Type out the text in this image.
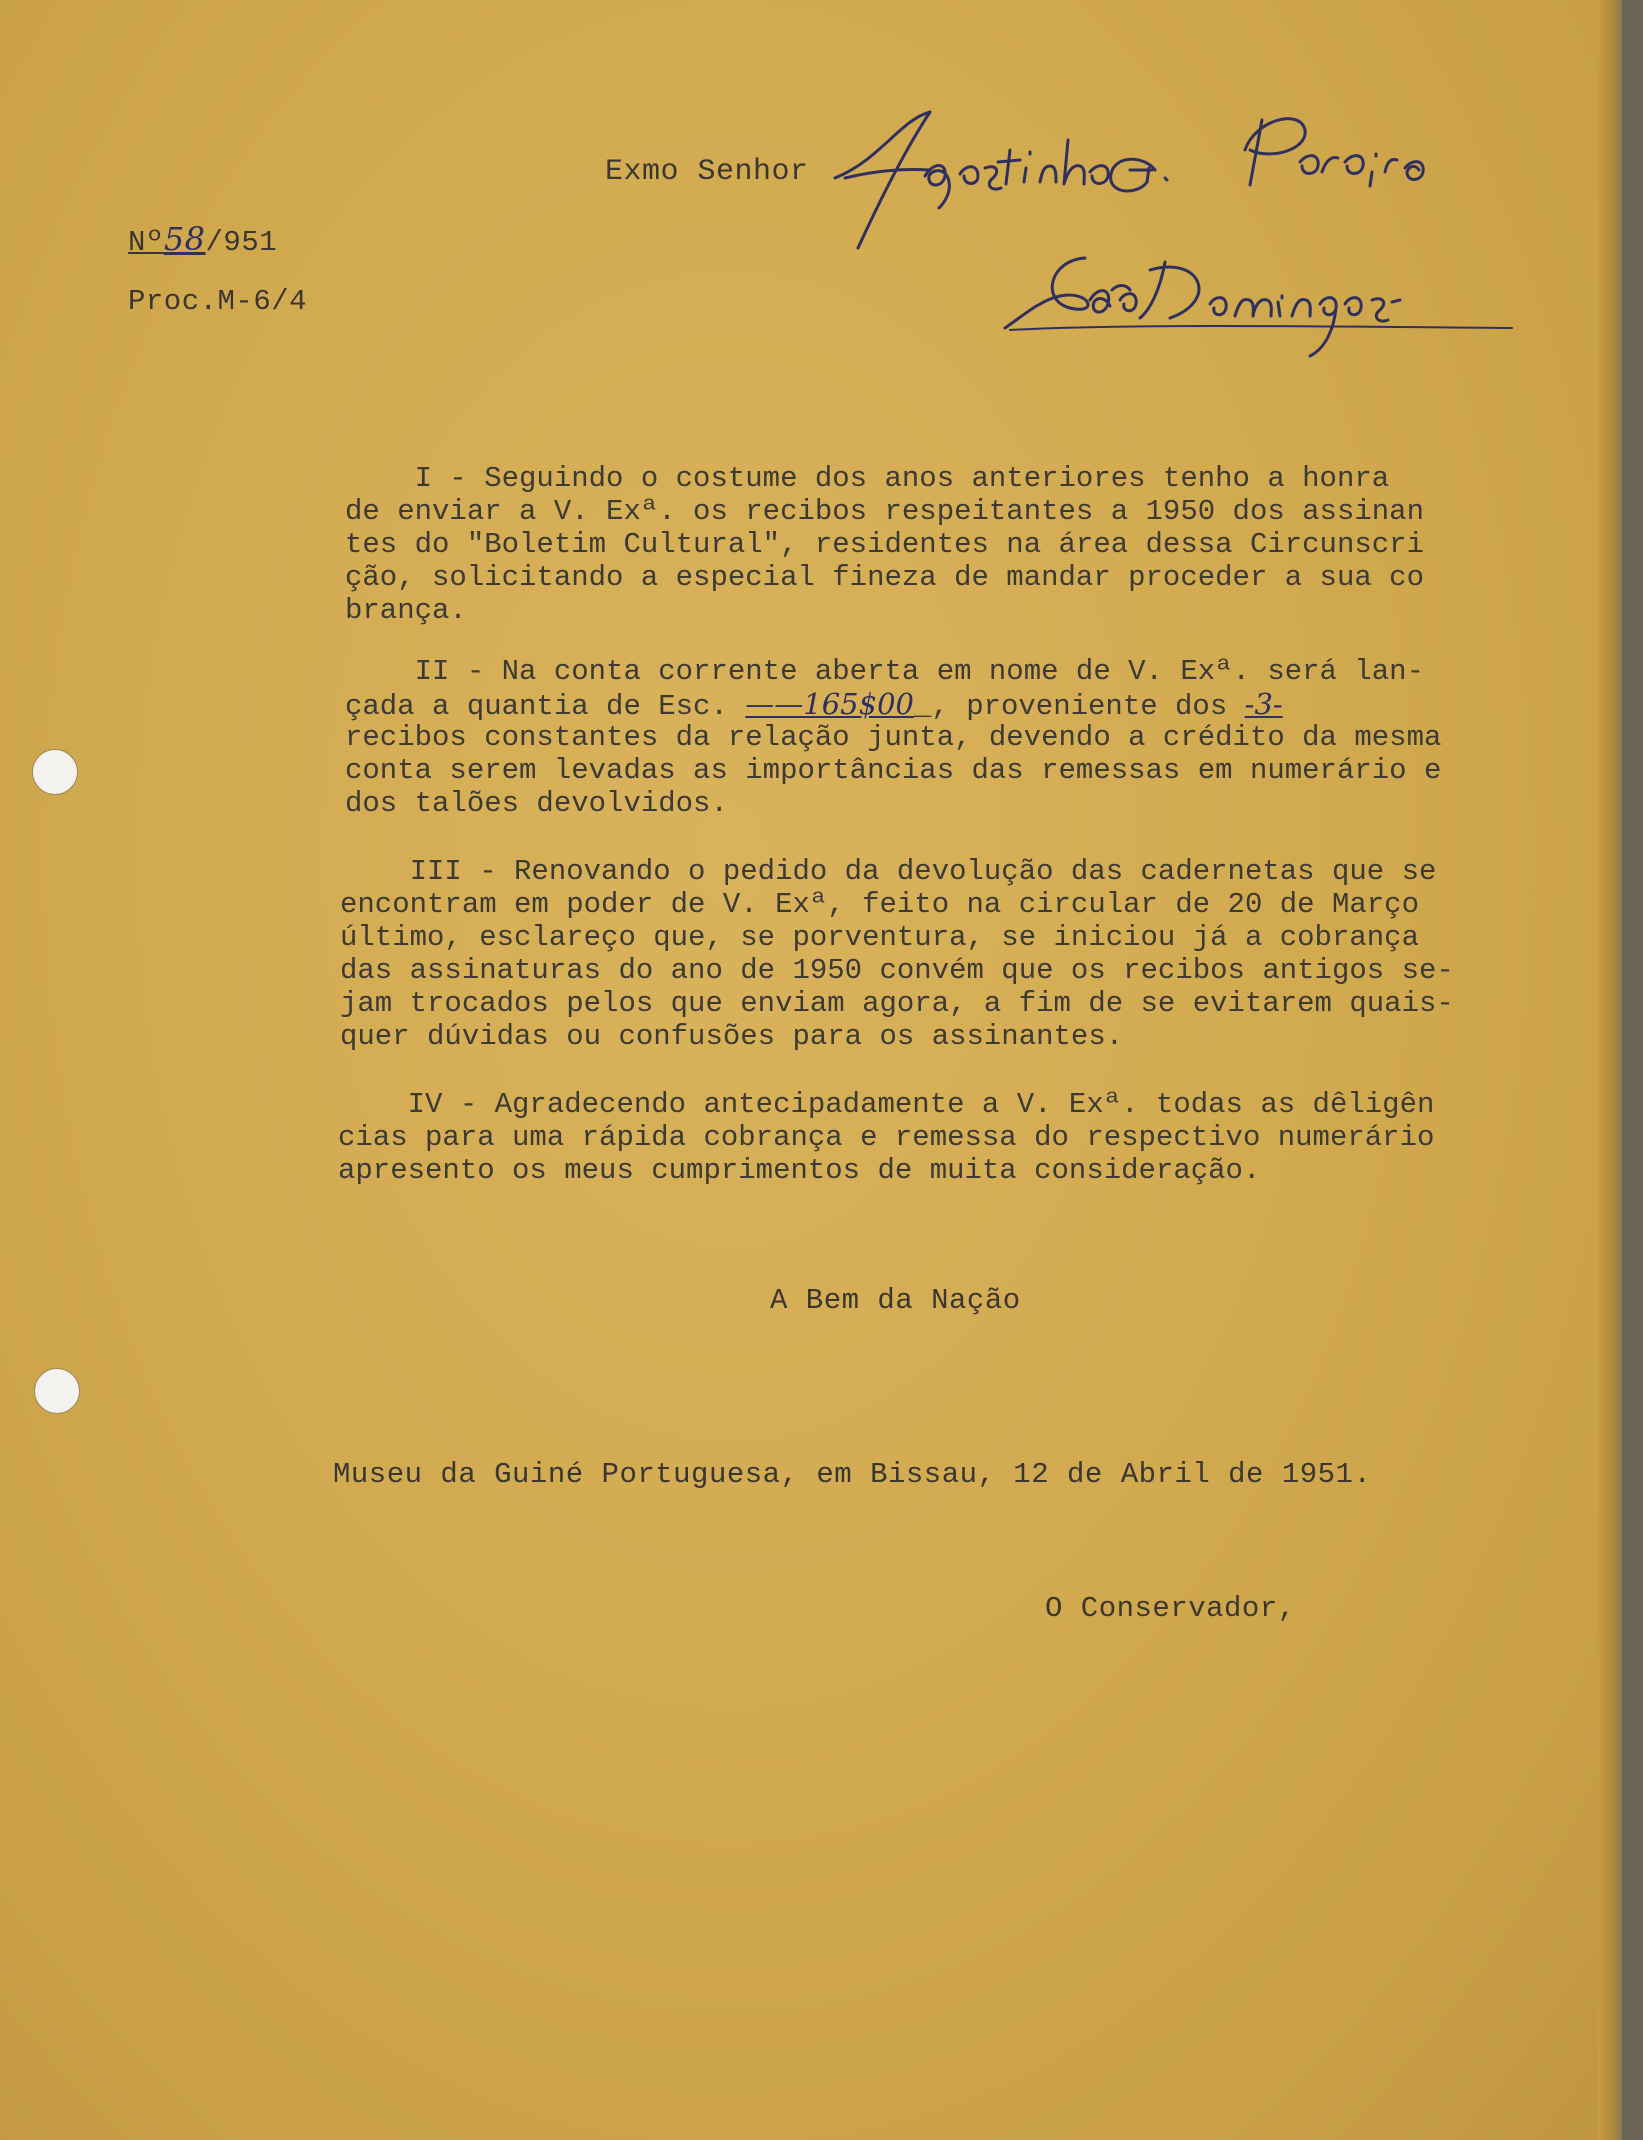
Exmo Senhor
Nº58/951
Proc.M-6/4
I - Seguindo o costume dos anos anteriores tenho a honra
de enviar a V. Exª. os recibos respeitantes a 1950 dos assinan
tes do "Boletim Cultural", residentes na área dessa Circunscri
ção, solicitando a especial fineza de mandar proceder a sua co
brança.
II - Na conta corrente aberta em nome de V. Exª. será lan-
çada a quantia de Esc. ——165$00_, proveniente dos -3-
recibos constantes da relação junta, devendo a crédito da mesma
conta serem levadas as importâncias das remessas em numerário e
dos talões devolvidos.
III - Renovando o pedido da devolução das cadernetas que se
encontram em poder de V. Exª, feito na circular de 20 de Março
último, esclareço que, se porventura, se iniciou já a cobrança
das assinaturas do ano de 1950 convém que os recibos antigos se-
jam trocados pelos que enviam agora, a fim de se evitarem quais-
quer dúvidas ou confusões para os assinantes.
IV - Agradecendo antecipadamente a V. Exª. todas as dêligên
cias para uma rápida cobrança e remessa do respectivo numerário
apresento os meus cumprimentos de muita consideração.
A Bem da Nação
Museu da Guiné Portuguesa, em Bissau, 12 de Abril de 1951.
O Conservador,
